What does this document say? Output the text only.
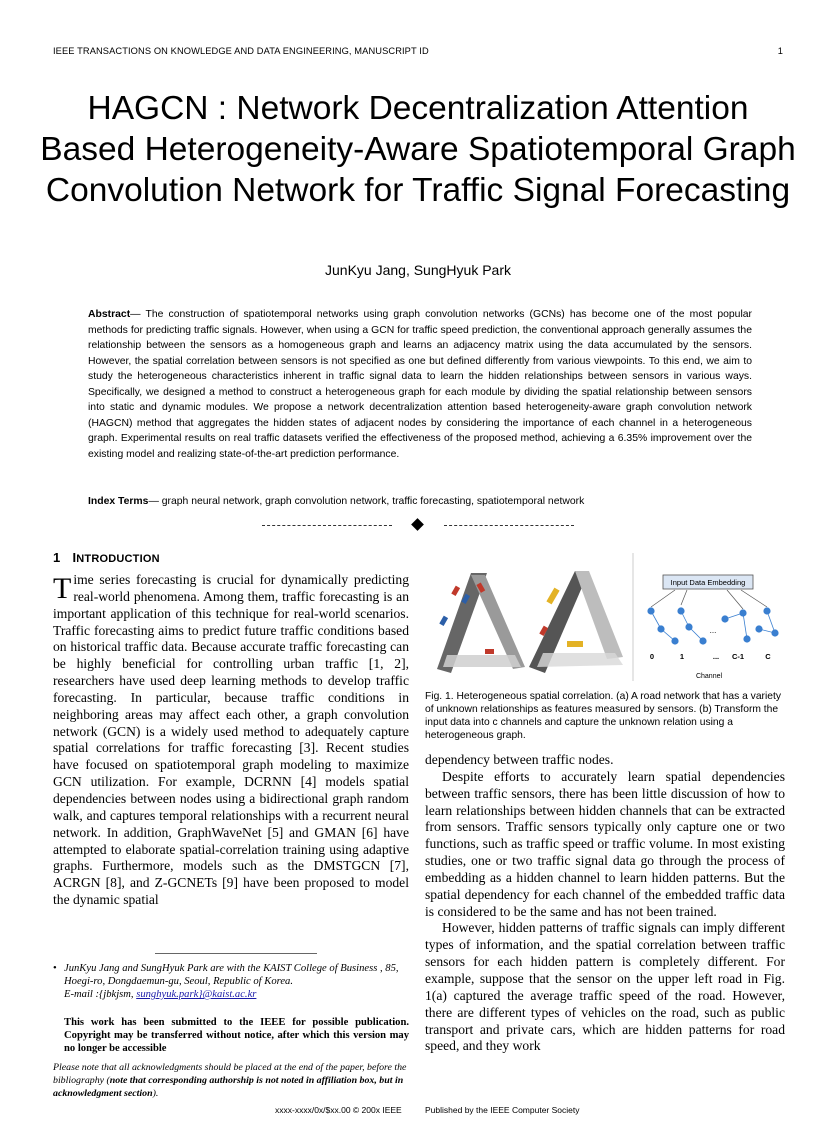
IEEE TRANSACTIONS ON KNOWLEDGE AND DATA ENGINEERING, MANUSCRIPT ID	1
HAGCN : Network Decentralization Attention Based Heterogeneity-Aware Spatiotemporal Graph Convolution Network for Traffic Signal Forecasting
JunKyu Jang, SungHyuk Park
Abstract— The construction of spatiotemporal networks using graph convolution networks (GCNs) has become one of the most popular methods for predicting traffic signals. However, when using a GCN for traffic speed prediction, the conventional approach generally assumes the relationship between the sensors as a homogeneous graph and learns an adjacency matrix using the data accumulated by the sensors. However, the spatial correlation between sensors is not specified as one but defined differently from various viewpoints. To this end, we aim to study the heterogeneous characteristics inherent in traffic signal data to learn the hidden relationships between sensors in various ways. Specifically, we designed a method to construct a heterogeneous graph for each module by dividing the spatial relationship between sensors into static and dynamic modules. We propose a network decentralization attention based heterogeneity-aware graph convolution network (HAGCN) method that aggregates the hidden states of adjacent nodes by considering the importance of each channel in a heterogeneous graph. Experimental results on real traffic datasets verified the effectiveness of the proposed method, achieving a 6.35% improvement over the existing model and realizing state-of-the-art prediction performance.
Index Terms— graph neural network, graph convolution network, traffic forecasting, spatiotemporal network
1 INTRODUCTION
Time series forecasting is crucial for dynamically predicting real-world phenomena. Among them, traffic forecasting is an important application of this technique for real-world scenarios. Traffic forecasting aims to predict future traffic conditions based on historical traffic data. Because accurate traffic forecasting can be highly beneficial for controlling urban traffic [1, 2], researchers have used deep learning methods to develop traffic forecasting. In particular, because traffic conditions in neighboring areas may affect each other, a graph convolution network (GCN) is a widely used method to adequately capture spatial correlations for traffic forecasting [3]. Recent studies have focused on spatiotemporal graph modeling to maximize GCN utilization. For example, DCRNN [4] models spatial dependencies between nodes using a bidirectional graph random walk, and captures temporal relationships with a recurrent neural network. In addition, GraphWaveNet [5] and GMAN [6] have attempted to elaborate spatial-correlation training using adaptive graphs. Furthermore, models such as the DMSTGCN [7], ACRGN [8], and Z-GCNETs [9] have been proposed to model the dynamic spatial
• JunKyu Jang and SungHyuk Park are with the KAIST College of Business , 85, Hoegi-ro, Dongdaemun-gu, Seoul, Republic of Korea.
E-mail :{jbkjsm, sunghyuk.park}@kaist.ac.kr
This work has been submitted to the IEEE for possible publication. Copyright may be transferred without notice, after which this version may no longer be accessible
Please note that all acknowledgments should be placed at the end of the paper, before the bibliography (note that corresponding authorship is not noted in affiliation box, but in acknowledgment section).
Input Data Embedding
...
0	1	... C-1	C
Channel
Fig. 1. Heterogeneous spatial correlation. (a) A road network that has a variety of unknown relationships as features measured by sensors. (b) Transform the input data into c channels and capture the unknown relation using a heterogeneous graph.

dependency between traffic nodes.

Despite efforts to accurately learn spatial dependencies between traffic sensors, there has been little discussion of how to learn relationships between hidden channels that can be extracted from sensors. Traffic sensors typically only capture one or two functions, such as traffic speed or traffic volume. In most existing studies, one or two traffic signal data go through the process of embedding as a hidden channel to learn hidden patterns. But the spatial dependency for each channel of the embedded traffic data is considered to be the same and has not been trained.

However, hidden patterns of traffic signals can imply different types of information, and the spatial correlation between traffic sensors for each hidden pattern is completely different. For example, suppose that the sensor on the upper left road in Fig. 1(a) captured the average traffic speed of the road. However, there are different types of vehicles on the road, such as public transport and private cars, which are hidden patterns for road speed, and they work

xxxx-xxxx/0x/$xx.00 © 200x IEEE	Published by the IEEE Computer Society
